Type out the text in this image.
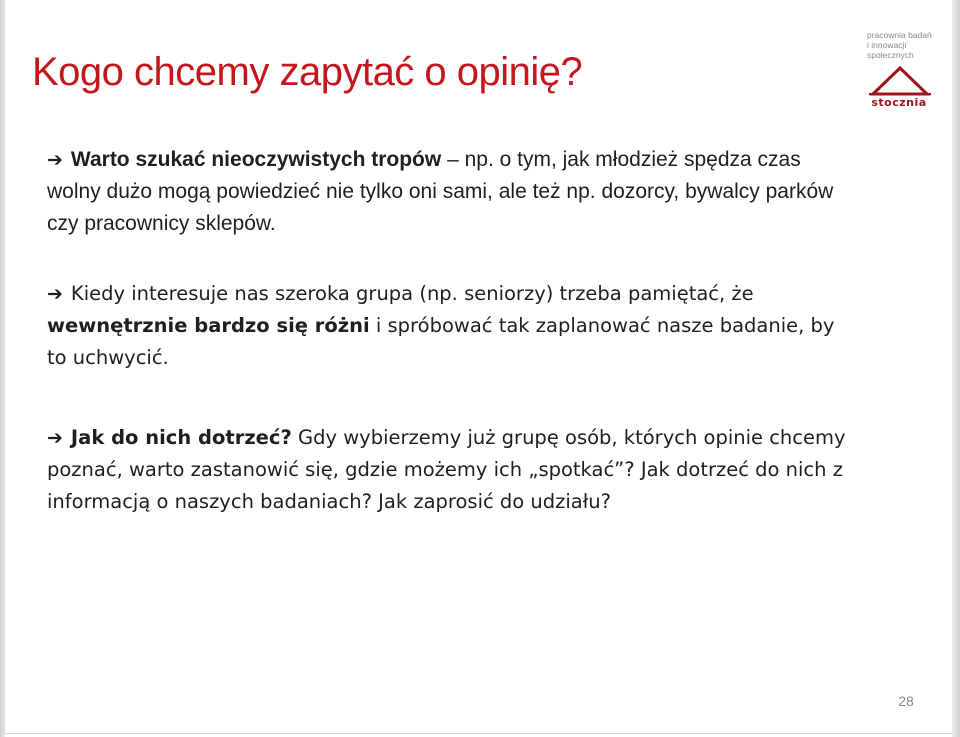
Kogo chcemy zapytać o opinię?
pracownia badań
i innowacji
społecznych
stocznia
➔ Warto szukać nieoczywistych tropów – np. o tym, jak młodzież spędza czas wolny dużo mogą powiedzieć nie tylko oni sami, ale też np. dozorcy, bywalcy parków czy pracownicy sklepów.
➔ Kiedy interesuje nas szeroka grupa (np. seniorzy) trzeba pamiętać, że wewnętrznie bardzo się różni i spróbować tak zaplanować nasze badanie, by to uchwycić.
➔ Jak do nich dotrzeć? Gdy wybierzemy już grupę osób, których opinie chcemy poznać, warto zastanowić się, gdzie możemy ich „spotkać”? Jak dotrzeć do nich z informacją o naszych badaniach? Jak zaprosić do udziału?
28
